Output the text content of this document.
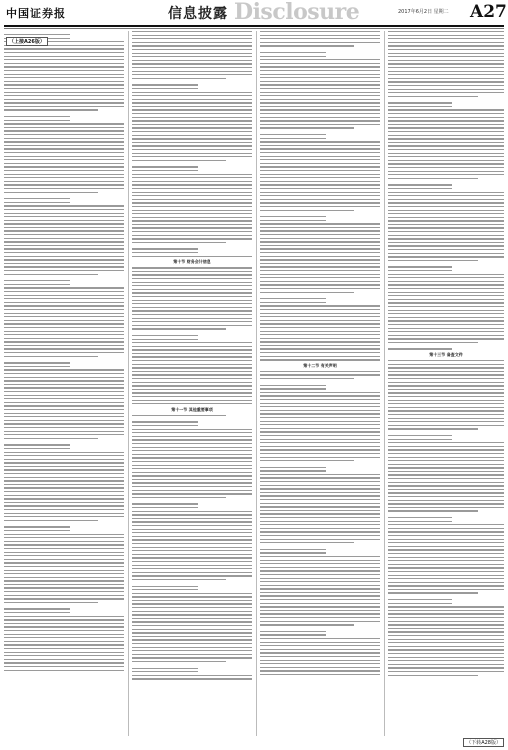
中国证券报	信息披露 Disclosure	2017年6月2日 星期二 A27
第十节 财务会计信息
第十一节 其他重要事项
第十二节 有关声明
第十三节 备查文件
（上接A26版）
（下转A28版）
